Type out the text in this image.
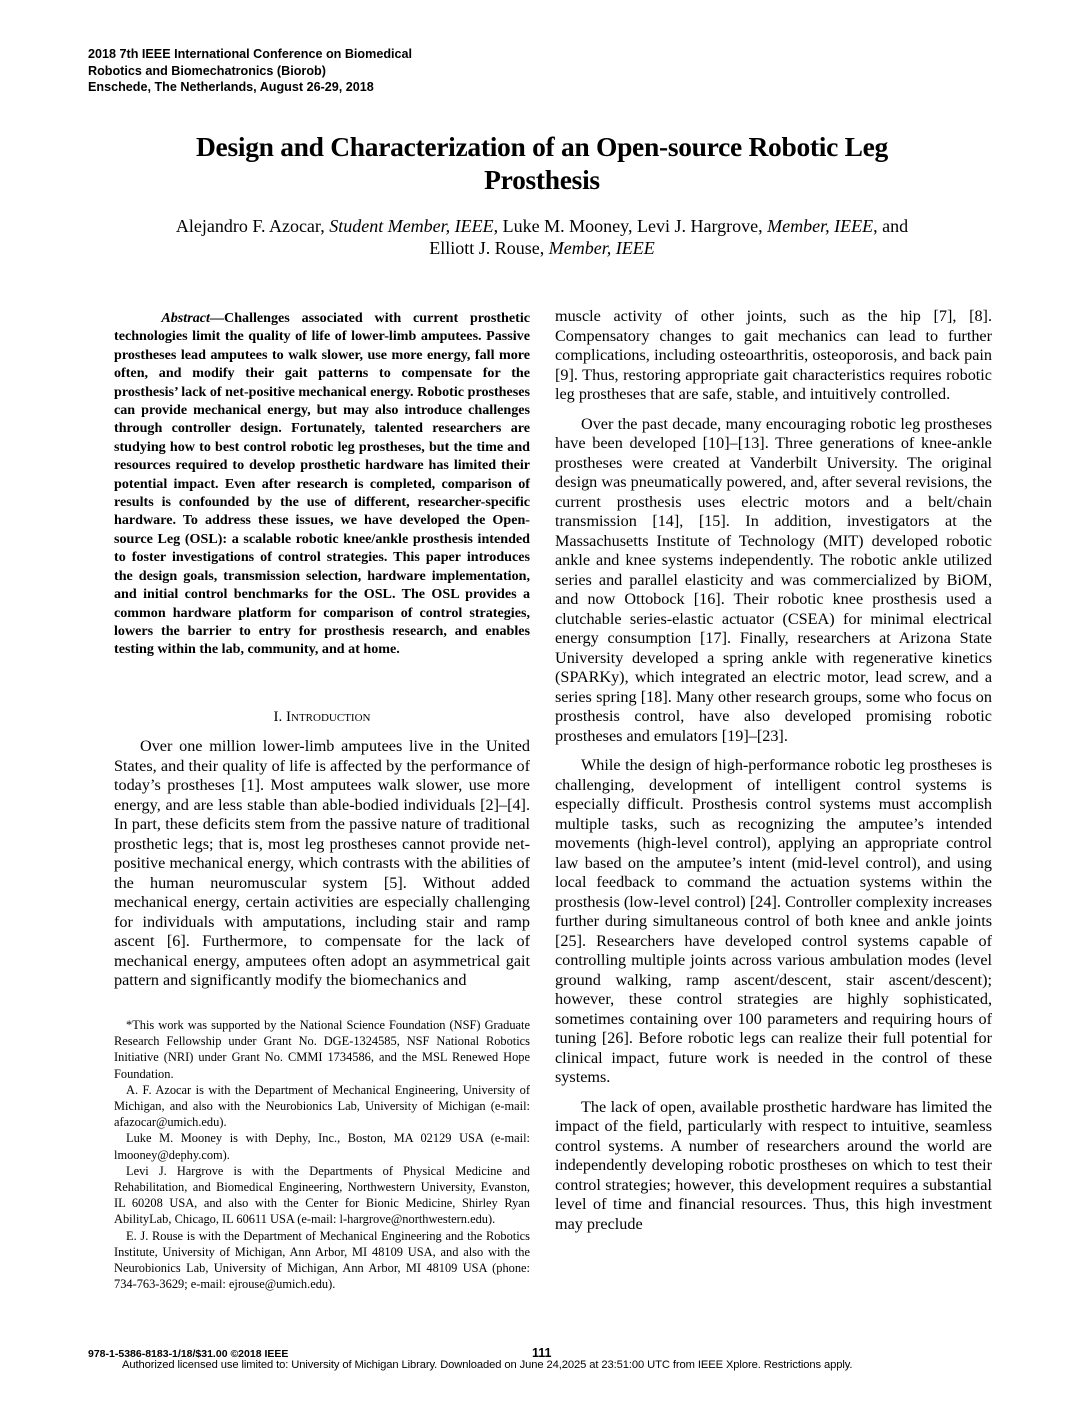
2018 7th IEEE International Conference on Biomedical
Robotics and Biomechatronics (Biorob)
Enschede, The Netherlands, August 26-29, 2018
Design and Characterization of an Open-source Robotic Leg
Prosthesis
Alejandro F. Azocar, Student Member, IEEE, Luke M. Mooney, Levi J. Hargrove, Member, IEEE, and
Elliott J. Rouse, Member, IEEE
Abstract—Challenges associated with current prosthetic technologies limit the quality of life of lower-limb amputees. Passive prostheses lead amputees to walk slower, use more energy, fall more often, and modify their gait patterns to compensate for the prosthesis’ lack of net-positive mechanical energy. Robotic prostheses can provide mechanical energy, but may also introduce challenges through controller design. Fortunately, talented researchers are studying how to best control robotic leg prostheses, but the time and resources required to develop prosthetic hardware has limited their potential impact. Even after research is completed, comparison of results is confounded by the use of different, researcher-specific hardware. To address these issues, we have developed the Open-source Leg (OSL): a scalable robotic knee/ankle prosthesis intended to foster investigations of control strategies. This paper introduces the design goals, transmission selection, hardware implementation, and initial control benchmarks for the OSL. The OSL provides a common hardware platform for comparison of control strategies, lowers the barrier to entry for prosthesis research, and enables testing within the lab, community, and at home.
I. Introduction

Over one million lower-limb amputees live in the United States, and their quality of life is affected by the performance of today’s prostheses [1]. Most amputees walk slower, use more energy, and are less stable than able-bodied individuals [2]–[4]. In part, these deficits stem from the passive nature of traditional prosthetic legs; that is, most leg prostheses cannot provide net-positive mechanical energy, which contrasts with the abilities of the human neuromuscular system [5]. Without added mechanical energy, certain activities are especially challenging for individuals with amputations, including stair and ramp ascent [6]. Furthermore, to compensate for the lack of mechanical energy, amputees often adopt an asymmetrical gait pattern and significantly modify the biomechanics and

*This work was supported by the National Science Foundation (NSF) Graduate Research Fellowship under Grant No. DGE-1324585, NSF National Robotics Initiative (NRI) under Grant No. CMMI 1734586, and the MSL Renewed Hope Foundation.

A. F. Azocar is with the Department of Mechanical Engineering, University of Michigan, and also with the Neurobionics Lab, University of Michigan (e-mail: afazocar@umich.edu).

Luke M. Mooney is with Dephy, Inc., Boston, MA 02129 USA (e-mail: lmooney@dephy.com).

Levi J. Hargrove is with the Departments of Physical Medicine and Rehabilitation, and Biomedical Engineering, Northwestern University, Evanston, IL 60208 USA, and also with the Center for Bionic Medicine, Shirley Ryan AbilityLab, Chicago, IL 60611 USA (e-mail: l-hargrove@northwestern.edu).

E. J. Rouse is with the Department of Mechanical Engineering and the Robotics Institute, University of Michigan, Ann Arbor, MI 48109 USA, and also with the Neurobionics Lab, University of Michigan, Ann Arbor, MI 48109 USA (phone: 734-763-3629; e-mail: ejrouse@umich.edu).

muscle activity of other joints, such as the hip [7], [8]. Compensatory changes to gait mechanics can lead to further complications, including osteoarthritis, osteoporosis, and back pain [9]. Thus, restoring appropriate gait characteristics requires robotic leg prostheses that are safe, stable, and intuitively controlled.

Over the past decade, many encouraging robotic leg prostheses have been developed [10]–[13]. Three generations of knee-ankle prostheses were created at Vanderbilt University. The original design was pneumatically powered, and, after several revisions, the current prosthesis uses electric motors and a belt/chain transmission [14], [15]. In addition, investigators at the Massachusetts Institute of Technology (MIT) developed robotic ankle and knee systems independently. The robotic ankle utilized series and parallel elasticity and was commercialized by BiOM, and now Ottobock [16]. Their robotic knee prosthesis used a clutchable series-elastic actuator (CSEA) for minimal electrical energy consumption [17]. Finally, researchers at Arizona State University developed a spring ankle with regenerative kinetics (SPARKy), which integrated an electric motor, lead screw, and a series spring [18]. Many other research groups, some who focus on prosthesis control, have also developed promising robotic prostheses and emulators [19]–[23].

While the design of high-performance robotic leg prostheses is challenging, development of intelligent control systems is especially difficult. Prosthesis control systems must accomplish multiple tasks, such as recognizing the amputee’s intended movements (high-level control), applying an appropriate control law based on the amputee’s intent (mid-level control), and using local feedback to command the actuation systems within the prosthesis (low-level control) [24]. Controller complexity increases further during simultaneous control of both knee and ankle joints [25]. Researchers have developed control systems capable of controlling multiple joints across various ambulation modes (level ground walking, ramp ascent/descent, stair ascent/descent); however, these control strategies are highly sophisticated, sometimes containing over 100 parameters and requiring hours of tuning [26]. Before robotic legs can realize their full potential for clinical impact, future work is needed in the control of these systems.

The lack of open, available prosthetic hardware has limited the impact of the field, particularly with respect to intuitive, seamless control systems. A number of researchers around the world are independently developing robotic prostheses on which to test their control strategies; however, this development requires a substantial level of time and financial resources. Thus, this high investment may preclude

978-1-5386-8183-1/18/$31.00 ©2018 IEEE	111
Authorized licensed use limited to: University of Michigan Library. Downloaded on June 24,2025 at 23:51:00 UTC from IEEE Xplore. Restrictions apply.
